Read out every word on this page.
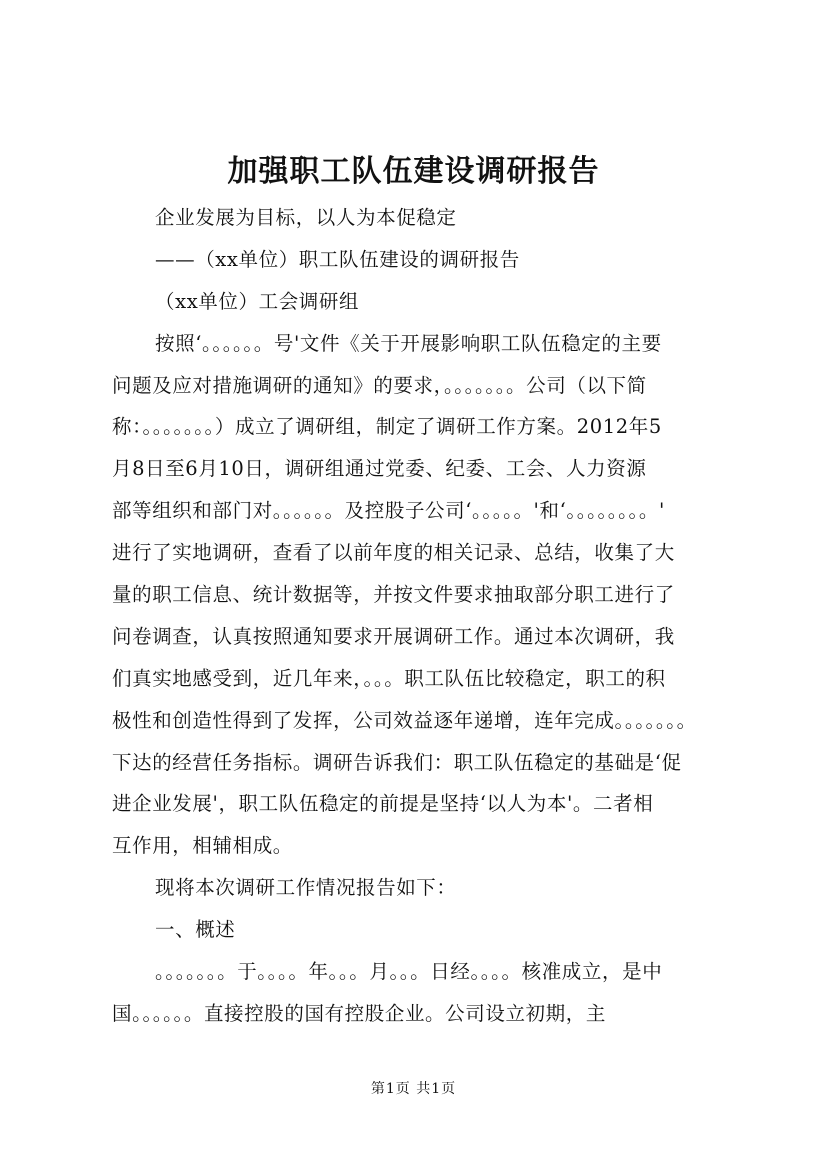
加强职工队伍建设调研报告
企业发展为目标，以人为本促稳定
——（xx单位）职工队伍建设的调研报告
（xx单位）工会调研组
按照‘。。。。。。号'文件《关于开展影响职工队伍稳定的主要
问题及应对措施调研的通知》的要求，。。。。。。。公司（以下简
称：。。。。。。。）成立了调研组，制定了调研工作方案。2012年5
月8日至6月10日，调研组通过党委、纪委、工会、人力资源
部等组织和部门对。。。。。。及控股子公司‘。。。。。'和‘。。。。。。。。'
进行了实地调研，查看了以前年度的相关记录、总结，收集了大
量的职工信息、统计数据等，并按文件要求抽取部分职工进行了
问卷调查，认真按照通知要求开展调研工作。通过本次调研，我
们真实地感受到，近几年来，。。。职工队伍比较稳定，职工的积
极性和创造性得到了发挥，公司效益逐年递增，连年完成。。。。。。。
下达的经营任务指标。调研告诉我们：职工队伍稳定的基础是‘促
进企业发展'，职工队伍稳定的前提是坚持‘以人为本'。二者相
互作用，相辅相成。
现将本次调研工作情况报告如下：
一、概述
。。。。。。。于。。。。年。。。月。。。日经。。。。核准成立，是中
国。。。。。。直接控股的国有控股企业。公司设立初期，主
第1页 共1页
